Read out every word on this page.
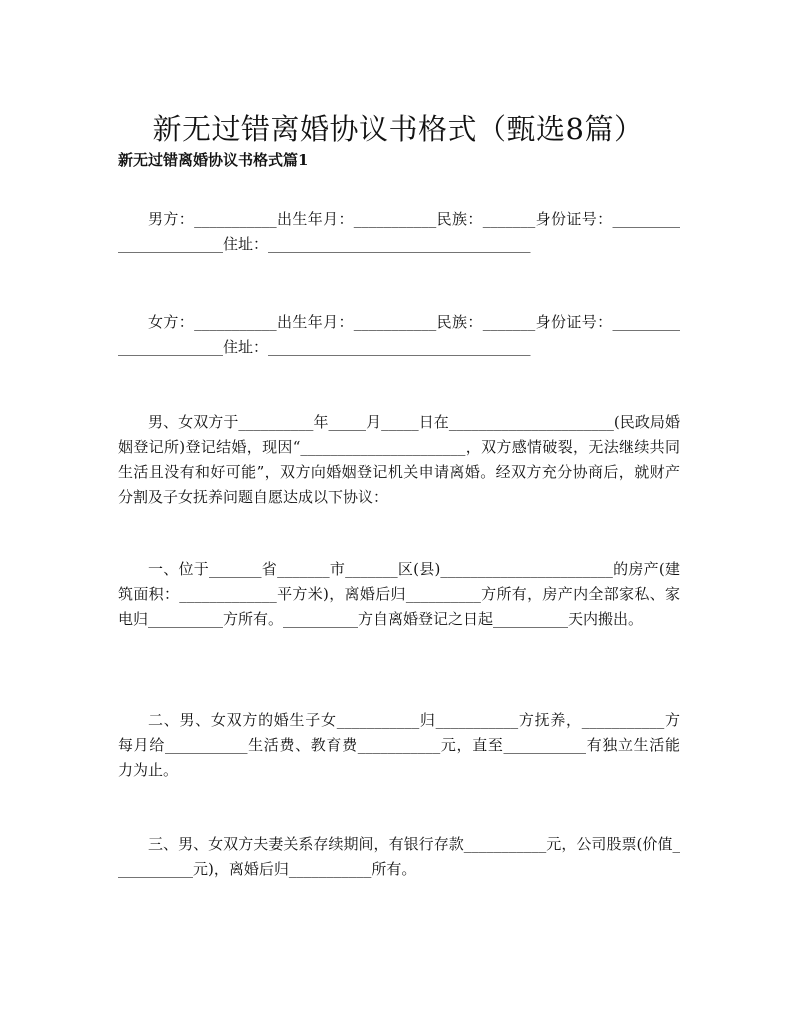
新无过错离婚协议书格式（甄选8篇）
新无过错离婚协议书格式篇1

男方：___________出生年月：___________民族：_______身份证号：_______________________住址：___________________________________

女方：___________出生年月：___________民族：_______身份证号：_______________________住址：___________________________________

男、女双方于__________年_____月_____日在______________________(民政局婚姻登记所)登记结婚，现因“______________________，双方感情破裂，无法继续共同生活且没有和好可能”，双方向婚姻登记机关申请离婚。经双方充分协商后，就财产分割及子女抚养问题自愿达成以下协议：

一、位于_______省_______市_______区(县)_______________________的房产(建筑面积：_____________平方米)，离婚后归__________方所有，房产内全部家私、家电归__________方所有。__________方自离婚登记之日起__________天内搬出。

二、男、女双方的婚生子女___________归___________方抚养，___________方每月给___________生活费、教育费___________元，直至___________有独立生活能力为止。

三、男、女双方夫妻关系存续期间，有银行存款___________元，公司股票(价值___________元)，离婚后归___________所有。
